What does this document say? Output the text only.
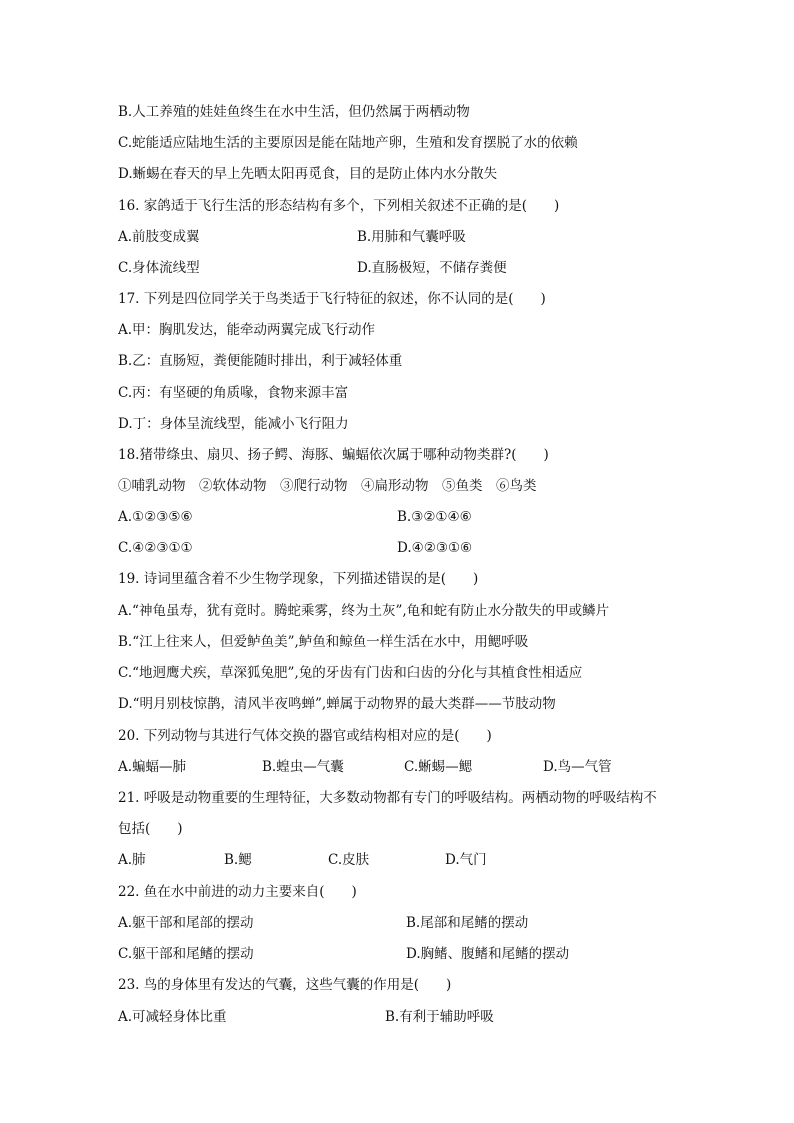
B.人工养殖的娃娃鱼终生在水中生活，但仍然属于两栖动物
C.蛇能适应陆地生活的主要原因是能在陆地产卵，生殖和发育摆脱了水的依赖
D.蜥蜴在春天的早上先晒太阳再觅食，目的是防止体内水分散失
16. 家鸽适于飞行生活的形态结构有多个，下列相关叙述不正确的是(　　)
A.前肢变成翼	B.用肺和气囊呼吸
C.身体流线型	D.直肠极短，不储存粪便
17. 下列是四位同学关于鸟类适于飞行特征的叙述，你不认同的是(　　)
A.甲：胸肌发达，能牵动两翼完成飞行动作
B.乙：直肠短，粪便能随时排出，利于减轻体重
C.丙：有坚硬的角质喙，食物来源丰富
D.丁：身体呈流线型，能减小飞行阻力
18.猪带绦虫、扇贝、扬子鳄、海豚、蝙蝠依次属于哪种动物类群?(　　)
①哺乳动物　②软体动物　③爬行动物　④扁形动物　⑤鱼类　⑥鸟类
A.①②③⑤⑥	B.③②①④⑥
C.④②③①①	D.④②③①⑥
19. 诗词里蕴含着不少生物学现象，下列描述错误的是(　　)
A.“神龟虽寿，犹有竟时。腾蛇乘雾，终为土灰”,龟和蛇有防止水分散失的甲或鳞片
B.“江上往来人，但爱鲈鱼美”,鲈鱼和鲸鱼一样生活在水中，用鳃呼吸
C.“地迥鹰犬疾，草深狐兔肥”,兔的牙齿有门齿和臼齿的分化与其植食性相适应
D.“明月别枝惊鹊，清风半夜鸣蝉”,蝉属于动物界的最大类群——节肢动物
20. 下列动物与其进行气体交换的器官或结构相对应的是(　　)
A.蝙蝠—肺	B.蝗虫—气囊	C.蜥蜴—鳃	D.鸟—气管
21. 呼吸是动物重要的生理特征，大多数动物都有专门的呼吸结构。两栖动物的呼吸结构不
包括(　　)
A.肺	B.鳃	C.皮肤	D.气门
22. 鱼在水中前进的动力主要来自(　　)
A.躯干部和尾部的摆动	B.尾部和尾鳍的摆动
C.躯干部和尾鳍的摆动	D.胸鳍、腹鳍和尾鳍的摆动
23. 鸟的身体里有发达的气囊，这些气囊的作用是(　　)
A.可减轻身体比重	B.有利于辅助呼吸
